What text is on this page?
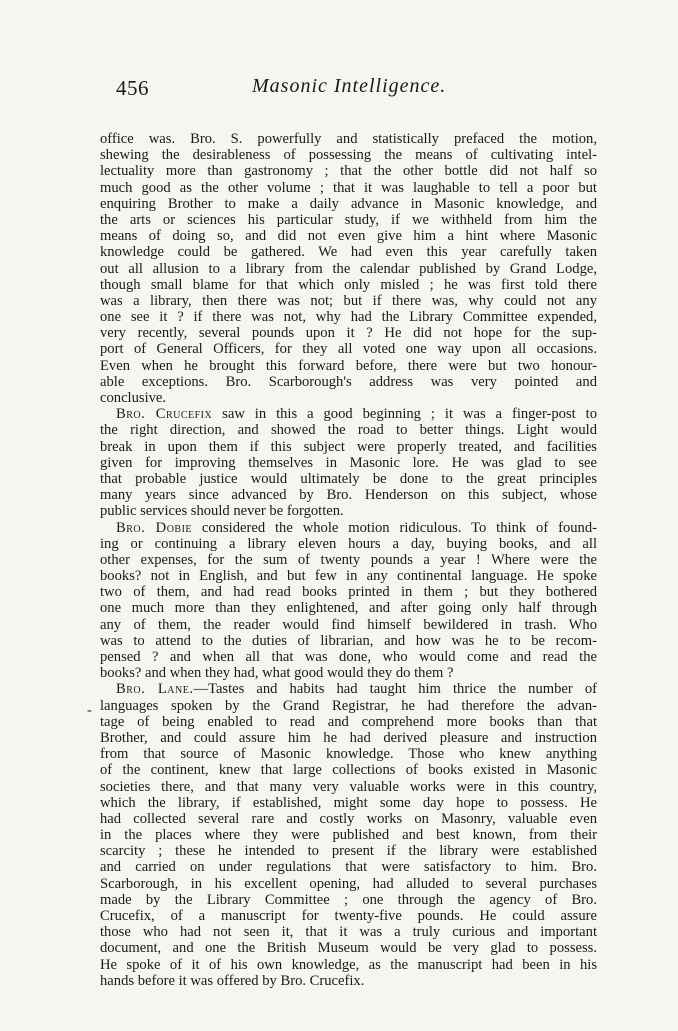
456	Masonic Intelligence.
-
office was. Bro. S. powerfully and statistically prefaced the motion,
shewing the desirableness of possessing the means of cultivating intel-
lectuality more than gastronomy ; that the other bottle did not half so
much good as the other volume ; that it was laughable to tell a poor but
enquiring Brother to make a daily advance in Masonic knowledge, and
the arts or sciences his particular study, if we withheld from him the
means of doing so, and did not even give him a hint where Masonic
knowledge could be gathered. We had even this year carefully taken
out all allusion to a library from the calendar published by Grand Lodge,
though small blame for that which only misled ; he was first told there
was a library, then there was not; but if there was, why could not any
one see it ? if there was not, why had the Library Committee expended,
very recently, several pounds upon it ? He did not hope for the sup-
port of General Officers, for they all voted one way upon all occasions.
Even when he brought this forward before, there were but two honour-
able exceptions. Bro. Scarborough's address was very pointed and
conclusive.
Bro. Crucefix saw in this a good beginning ; it was a finger-post to
the right direction, and showed the road to better things. Light would
break in upon them if this subject were properly treated, and facilities
given for improving themselves in Masonic lore. He was glad to see
that probable justice would ultimately be done to the great principles
many years since advanced by Bro. Henderson on this subject, whose
public services should never be forgotten.
Bro. Dobie considered the whole motion ridiculous. To think of found-
ing or continuing a library eleven hours a day, buying books, and all
other expenses, for the sum of twenty pounds a year ! Where were the
books? not in English, and but few in any continental language. He spoke
two of them, and had read books printed in them ; but they bothered
one much more than they enlightened, and after going only half through
any of them, the reader would find himself bewildered in trash. Who
was to attend to the duties of librarian, and how was he to be recom-
pensed ? and when all that was done, who would come and read the
books? and when they had, what good would they do them ?
Bro. Lane.—Tastes and habits had taught him thrice the number of
languages spoken by the Grand Registrar, he had therefore the advan-
tage of being enabled to read and comprehend more books than that
Brother, and could assure him he had derived pleasure and instruction
from that source of Masonic knowledge. Those who knew anything
of the continent, knew that large collections of books existed in Masonic
societies there, and that many very valuable works were in this country,
which the library, if established, might some day hope to possess. He
had collected several rare and costly works on Masonry, valuable even
in the places where they were published and best known, from their
scarcity ; these he intended to present if the library were established
and carried on under regulations that were satisfactory to him. Bro.
Scarborough, in his excellent opening, had alluded to several purchases
made by the Library Committee ; one through the agency of Bro.
Crucefix, of a manuscript for twenty-five pounds. He could assure
those who had not seen it, that it was a truly curious and important
document, and one the British Museum would be very glad to possess.
He spoke of it of his own knowledge, as the manuscript had been in his
hands before it was offered by Bro. Crucefix.
